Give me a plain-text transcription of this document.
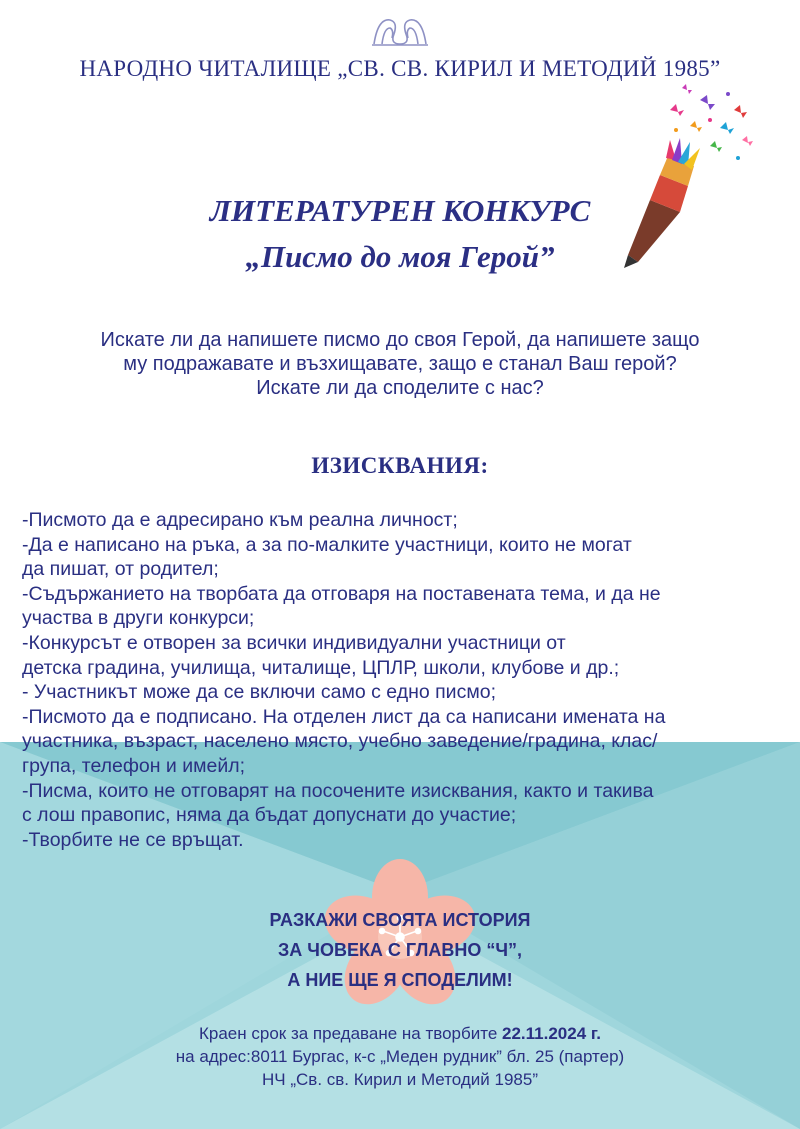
НАРОДНО ЧИТАЛИЩЕ „СВ. СВ. КИРИЛ И МЕТОДИЙ 1985”
ЛИТЕРАТУРЕН КОНКУРС
„Писмо до моя Герой”
Искате ли да напишете писмо до своя Герой, да напишете защо
му подражавате и възхищавате, защо е станал Ваш герой?
Искате ли да споделите с нас?
ИЗИСКВАНИЯ:
-Писмото да е адресирано към реална личност;
-Да е написано на ръка, а за по-малките участници, които не могат
да пишат, от родител;
-Съдържанието на творбата да отговаря на поставената тема, и да не
участва в други конкурси;
-Конкурсът е отворен за всички индивидуални участници от
детска градина, училища, читалище, ЦПЛР, школи, клубове и др.;
- Участникът може да се включи само с едно писмо;
-Писмото да е подписано. На отделен лист да са написани имената на
участника, възраст, населено място, учебно заведение/градина, клас/
група, телефон и имейл;
-Писма, които не отговарят на посочените изисквания, както и такива
с лош правопис, няма да бъдат допуснати до участие;
-Творбите не се връщат.
РАЗКАЖИ СВОЯТА ИСТОРИЯ
ЗА ЧОВЕКА С ГЛАВНО “Ч”,
А НИЕ ЩЕ Я СПОДЕЛИМ!
Краен срок за предаване на творбите 22.11.2024 г.
на адрес:8011 Бургас, к-с „Меден рудник” бл. 25 (партер)
НЧ „Св. св. Кирил и Методий 1985”
